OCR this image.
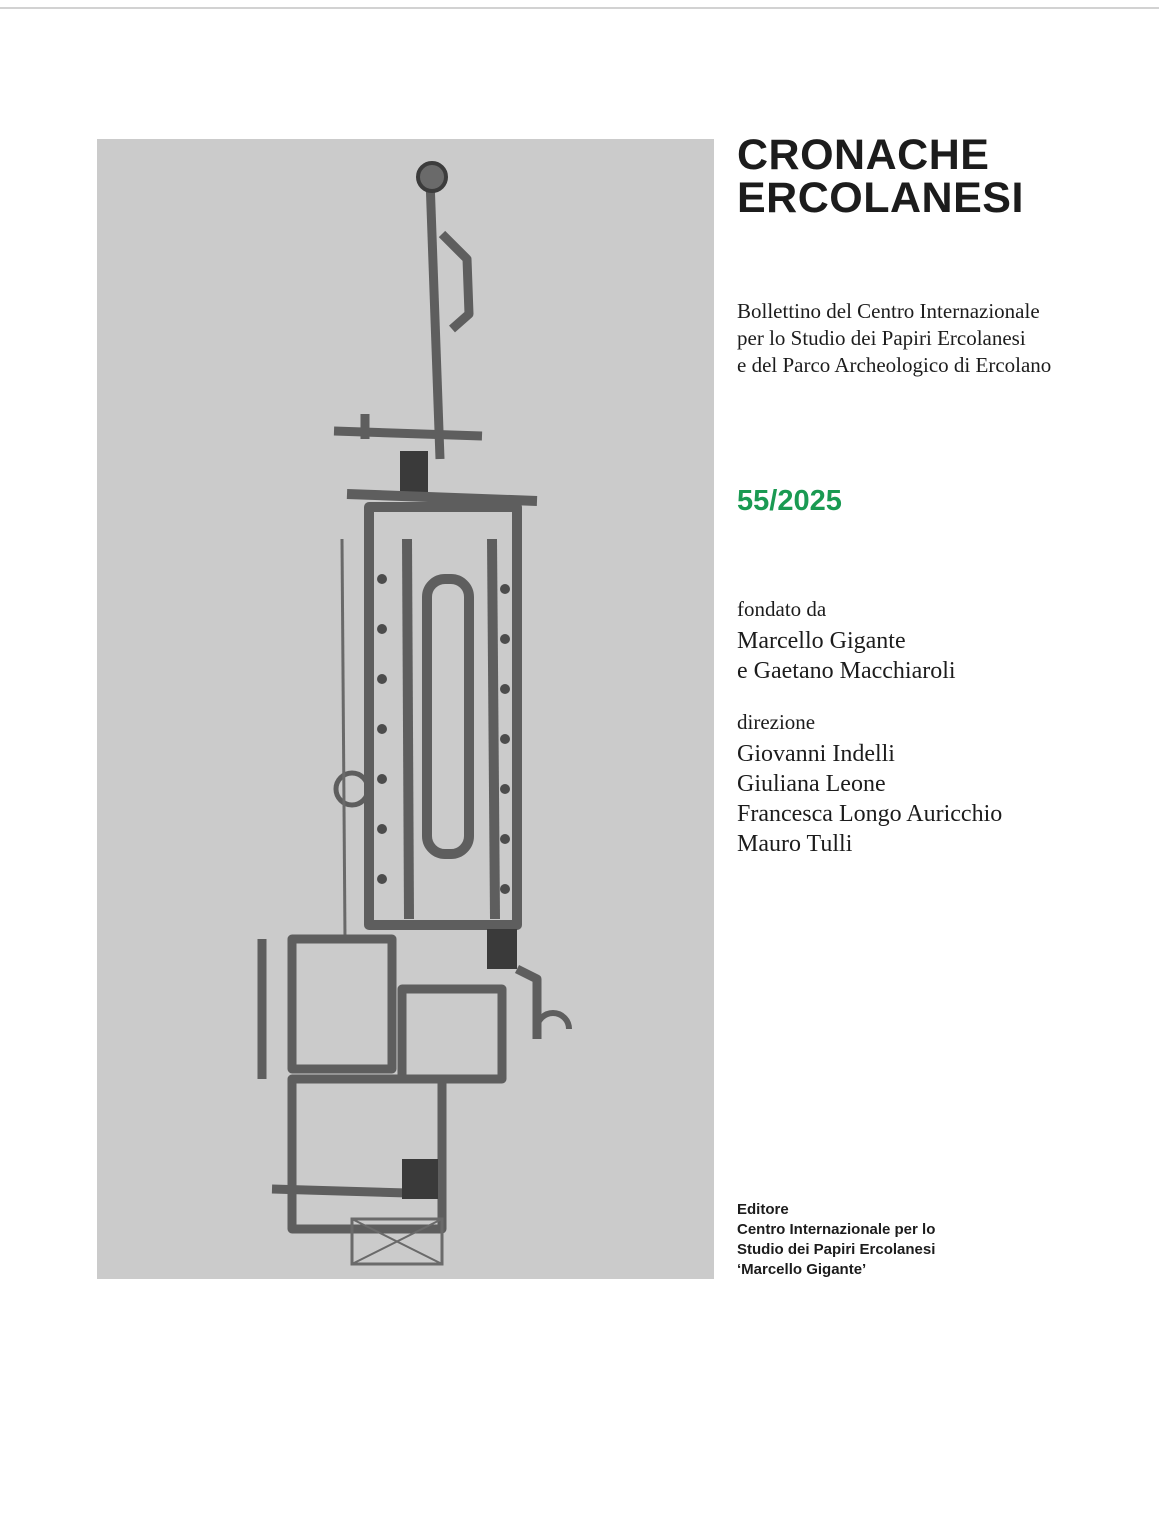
CRONACHE
ERCOLANESI
Bollettino del Centro Internazionale
per lo Studio dei Papiri Ercolanesi
e del Parco Archeologico di Ercolano
55/2025
fondato da
Marcello Gigante
e Gaetano Macchiaroli
direzione
Giovanni Indelli
Giuliana Leone
Francesca Longo Auricchio
Mauro Tulli
Editore
Centro Internazionale per lo
Studio dei Papiri Ercolanesi
‘Marcello Gigante’
